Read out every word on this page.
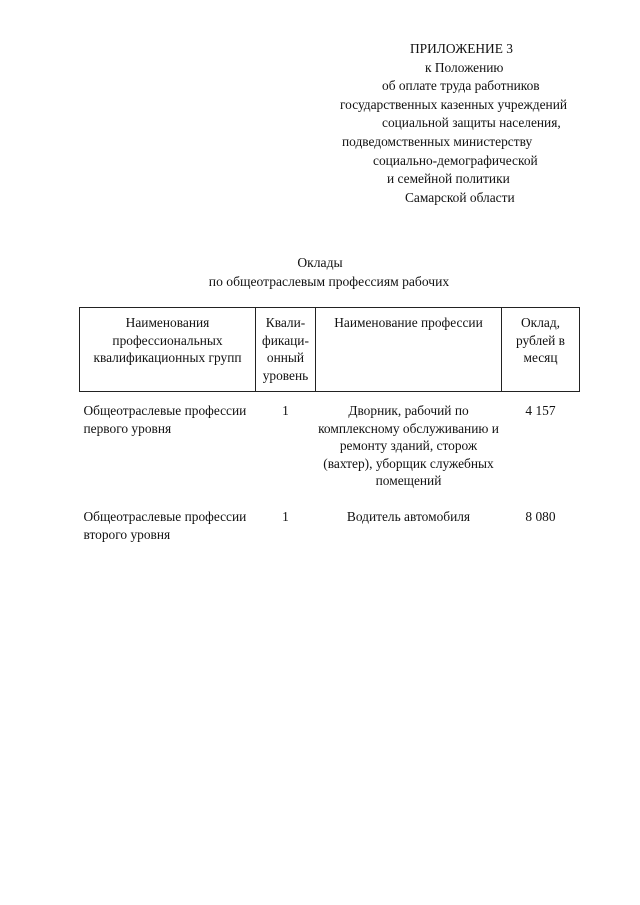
ПРИЛОЖЕНИЕ 3
к Положению
об оплате труда работников
государственных казенных учреждений
социальной защиты населения,
подведомственных министерству
социально-демографической
и семейной политики
Самарской области
Оклады
по общеотраслевым профессиям рабочих
Наименования профессиональных квалификационных групп	Квали-фикаци-онный уровень	Наименование профессии	Оклад, рублей в месяц
Общеотраслевые профессии первого уровня	1	Дворник, рабочий по комплексному обслуживанию и ремонту зданий, сторож (вахтер), уборщик служебных помещений	4 157
Общеотраслевые профессии второго уровня	1	Водитель автомобиля	8 080
